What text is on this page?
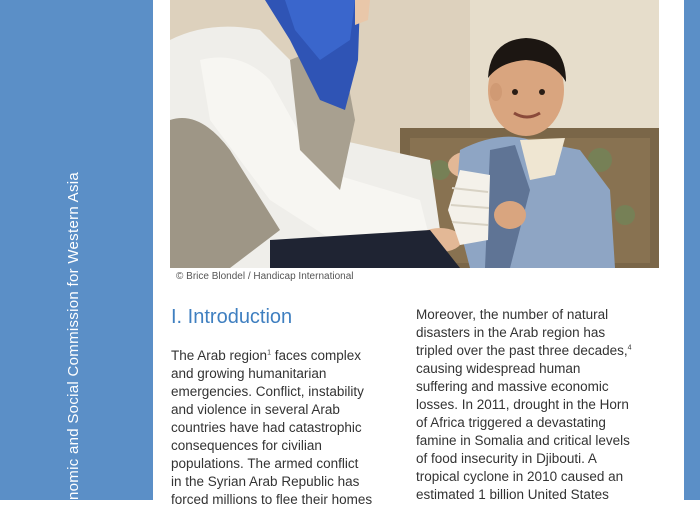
nomic and Social Commission for Western Asia	© Brice Blondel / Handicap International
I. Introduction
The Arab region$^1$ faces complex
and growing humanitarian
emergencies. Conflict, instability
and violence in several Arab
countries have had catastrophic
consequences for civilian
populations. The armed conflict
in the Syrian Arab Republic has
forced millions to flee their homes
Moreover, the number of natural
disasters in the Arab region has
tripled over the past three decades,$^4$
causing widespread human
suffering and massive economic
losses. In 2011, drought in the Horn
of Africa triggered a devastating
famine in Somalia and critical levels
of food insecurity in Djibouti. A
tropical cyclone in 2010 caused an
estimated 1 billion United States
